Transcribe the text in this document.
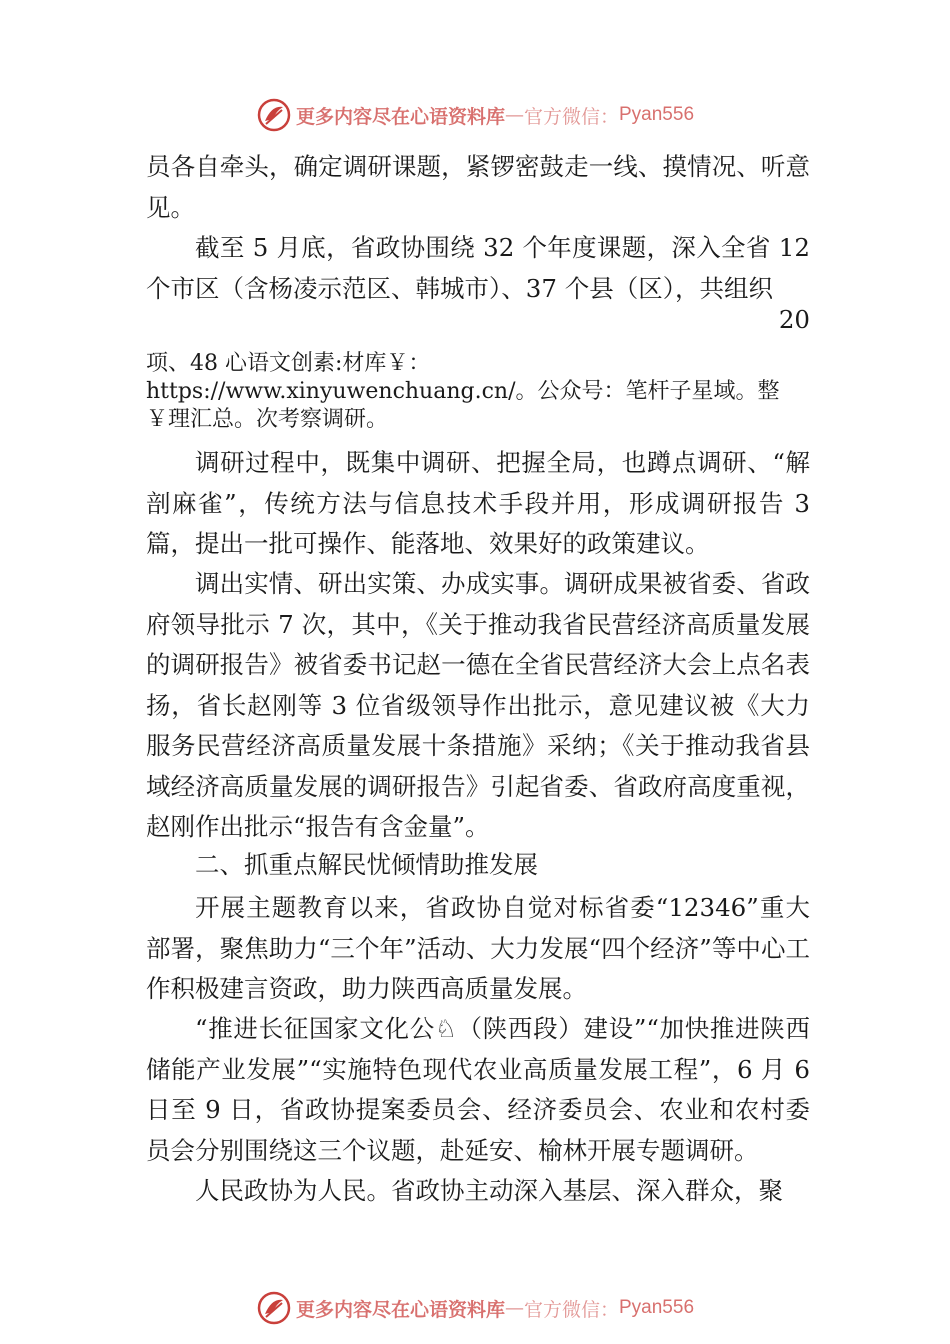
更多内容尽在心语资料库 — 官方微信： Pyan556

员各自牵头，确定调研课题，紧锣密鼓走一线、摸情况、听意见。

截至 5 月底，省政协围绕 32 个年度课题，深入全省 12 个市区（含杨凌示范区、韩城市）、37 个县（区），共组织

20

项、48 心语文创素:材库￥：

https://www.xinyuwenchuang.cn/。公众号：笔杆子星域。整

￥理汇总。次考察调研。

调研过程中，既集中调研、把握全局，也蹲点调研、“解剖麻雀”，传统方法与信息技术手段并用，形成调研报告 3 篇，提出一批可操作、能落地、效果好的政策建议。

调出实情、研出实策、办成实事。调研成果被省委、省政府领导批示 7 次，其中，《关于推动我省民营经济高质量发展的调研报告》被省委书记赵一德在全省民营经济大会上点名表扬，省长赵刚等 3 位省级领导作出批示，意见建议被《大力服务民营经济高质量发展十条措施》采纳；《关于推动我省县域经济高质量发展的调研报告》引起省委、省政府高度重视，赵刚作出批示“报告有含金量”。

二、抓重点解民忧倾情助推发展

开展主题教育以来，省政协自觉对标省委“12346”重大部署，聚焦助力“三个年”活动、大力发展“四个经济”等中心工作积极建言资政，助力陕西高质量发展。

“推进长征国家文化公♘（陕西段）建设”“加快推进陕西储能产业发展”“实施特色现代农业高质量发展工程”，6 月 6 日至 9 日，省政协提案委员会、经济委员会、农业和农村委员会分别围绕这三个议题，赴延安、榆林开展专题调研。

人民政协为人民。省政协主动深入基层、深入群众，聚

更多内容尽在心语资料库 — 官方微信： Pyan556
